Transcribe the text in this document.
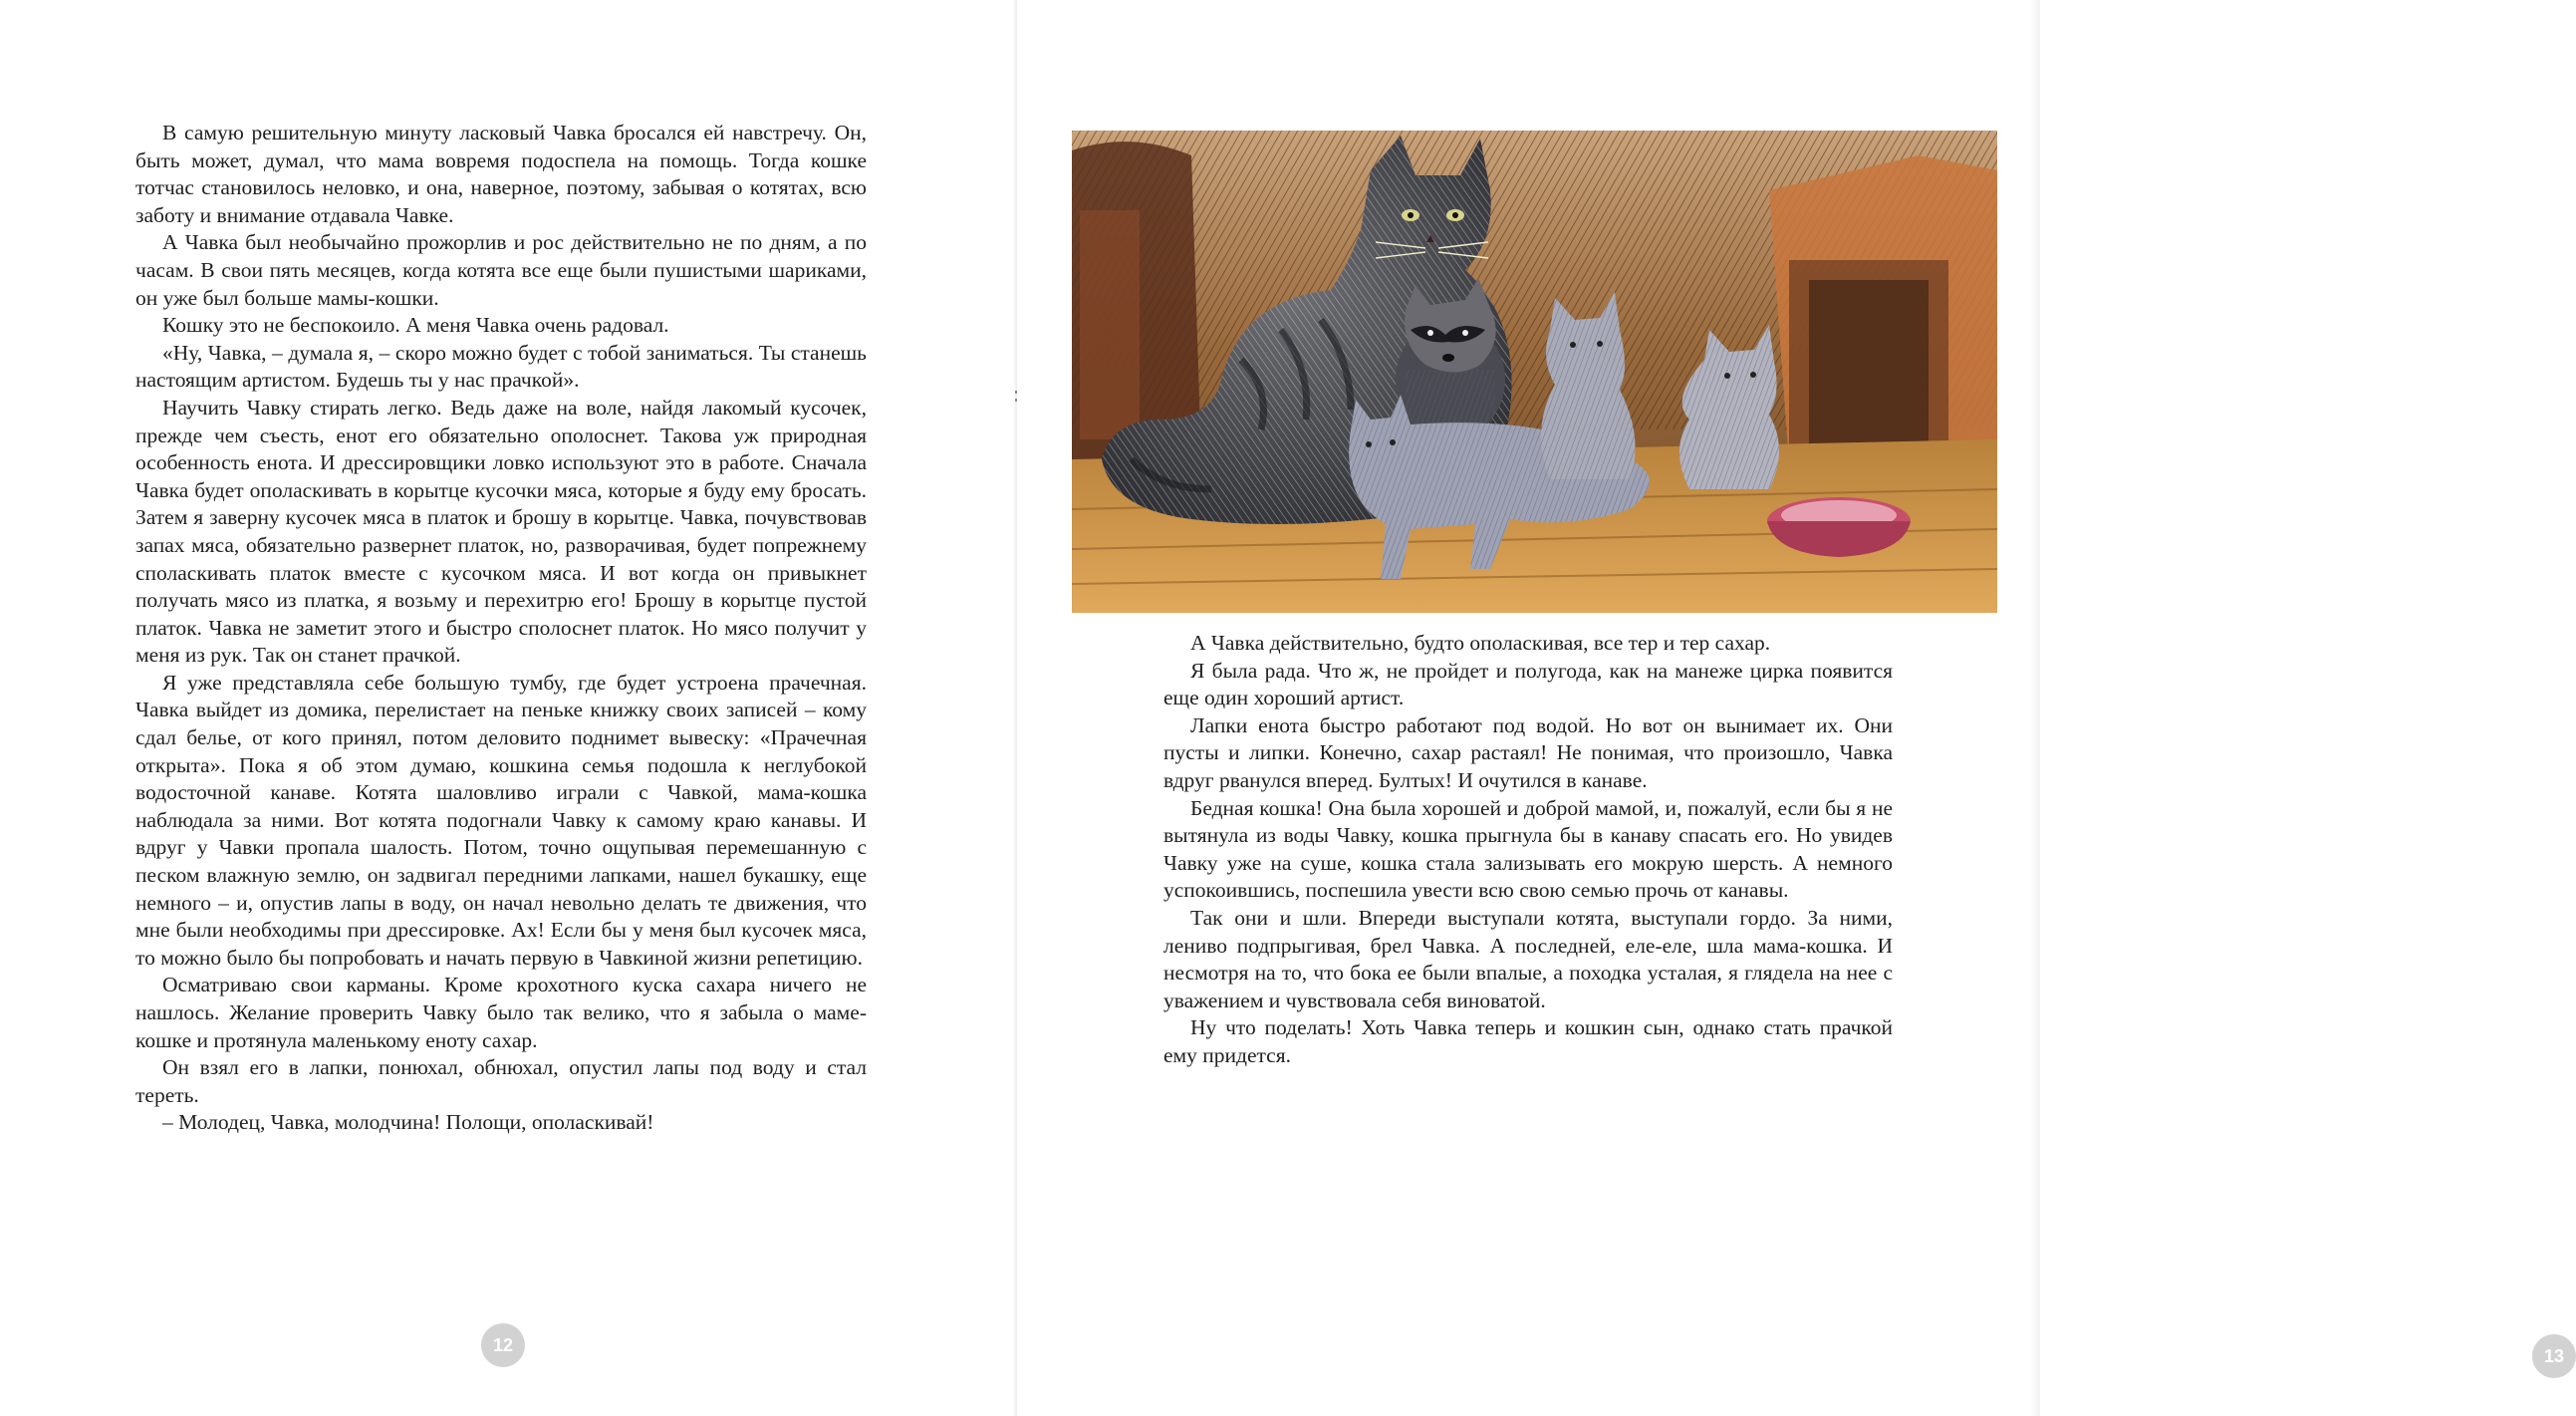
В самую решительную минуту ласковый Чавка бросался ей навстречу. Он, быть может, думал, что мама вовремя подоспела на помощь. Тогда кошке тотчас становилось неловко, и она, наверное, поэтому, забывая о котятах, всю заботу и внимание отдавала Чавке.

А Чавка был необычайно прожорлив и рос действительно не по дням, а по часам. В свои пять месяцев, когда котята все еще были пушистыми шариками, он уже был больше мамы-кошки.

Кошку это не беспокоило. А меня Чавка очень радовал.

«Ну, Чавка, – думала я, – скоро можно будет с тобой заниматься. Ты станешь настоящим артистом. Будешь ты у нас прачкой».

Научить Чавку стирать легко. Ведь даже на воле, найдя лакомый кусочек, прежде чем съесть, енот его обязательно ополоснет. Такова уж природная особенность енота. И дрессировщики ловко используют это в работе. Сначала Чавка будет ополаскивать в корытце кусочки мяса, которые я буду ему бросать. Затем я заверну кусочек мяса в платок и брошу в корытце. Чавка, почувствовав запах мяса, обязательно развернет платок, но, разворачивая, будет попрежнему споласкивать платок вместе с кусочком мяса. И вот когда он привыкнет получать мясо из платка, я возьму и перехитрю его! Брошу в корытце пустой платок. Чавка не заметит этого и быстро сполоснет платок. Но мясо получит у меня из рук. Так он станет прачкой.

Я уже представляла себе большую тумбу, где будет устроена прачечная. Чавка выйдет из домика, перелистает на пеньке книжку своих записей – кому сдал белье, от кого принял, потом деловито поднимет вывеску: «Прачечная открыта». Пока я об этом думаю, кошкина семья подошла к неглубокой водосточной канаве. Котята шаловливо играли с Чавкой, мама-кошка наблюдала за ними. Вот котята подогнали Чавку к самому краю канавы. И вдруг у Чавки пропала шалость. Потом, точно ощупывая перемешанную с песком влажную землю, он задвигал передними лапками, нашел букашку, еще немного – и, опустив лапы в воду, он начал невольно делать те движения, что мне были необходимы при дрессировке. Ах! Если бы у меня был кусочек мяса, то можно было бы попробовать и начать первую в Чавкиной жизни репетицию.

Осматриваю свои карманы. Кроме крохотного куска сахара ничего не нашлось. Желание проверить Чавку было так велико, что я забыла о маме-кошке и протянула маленькому еноту сахар.

Он взял его в лапки, понюхал, обнюхал, опустил лапы под воду и стал тереть.

– Молодец, Чавка, молодчина! Полощи, ополаскивай!

12

А Чавка действительно, будто ополаскивая, все тер и тер сахар.

Я была рада. Что ж, не пройдет и полугода, как на манеже цирка появится еще один хороший артист.

Лапки енота быстро работают под водой. Но вот он вынимает их. Они пусты и липки. Конечно, сахар растаял! Не понимая, что произошло, Чавка вдруг рванулся вперед. Бултых! И очутился в канаве.

Бедная кошка! Она была хорошей и доброй мамой, и, пожалуй, если бы я не вытянула из воды Чавку, кошка прыгнула бы в канаву спасать его. Но увидев Чавку уже на суше, кошка стала зализывать его мокрую шерсть. А немного успокоившись, поспешила увести всю свою семью прочь от канавы.

Так они и шли. Впереди выступали котята, выступали гордо. За ними, лениво подпрыгивая, брел Чавка. А последней, еле-еле, шла мама-кошка. И несмотря на то, что бока ее были впалые, а походка усталая, я глядела на нее с уважением и чувствовала себя виноватой.

Ну что поделать! Хоть Чавка теперь и кошкин сын, однако стать прачкой ему придется.

13
